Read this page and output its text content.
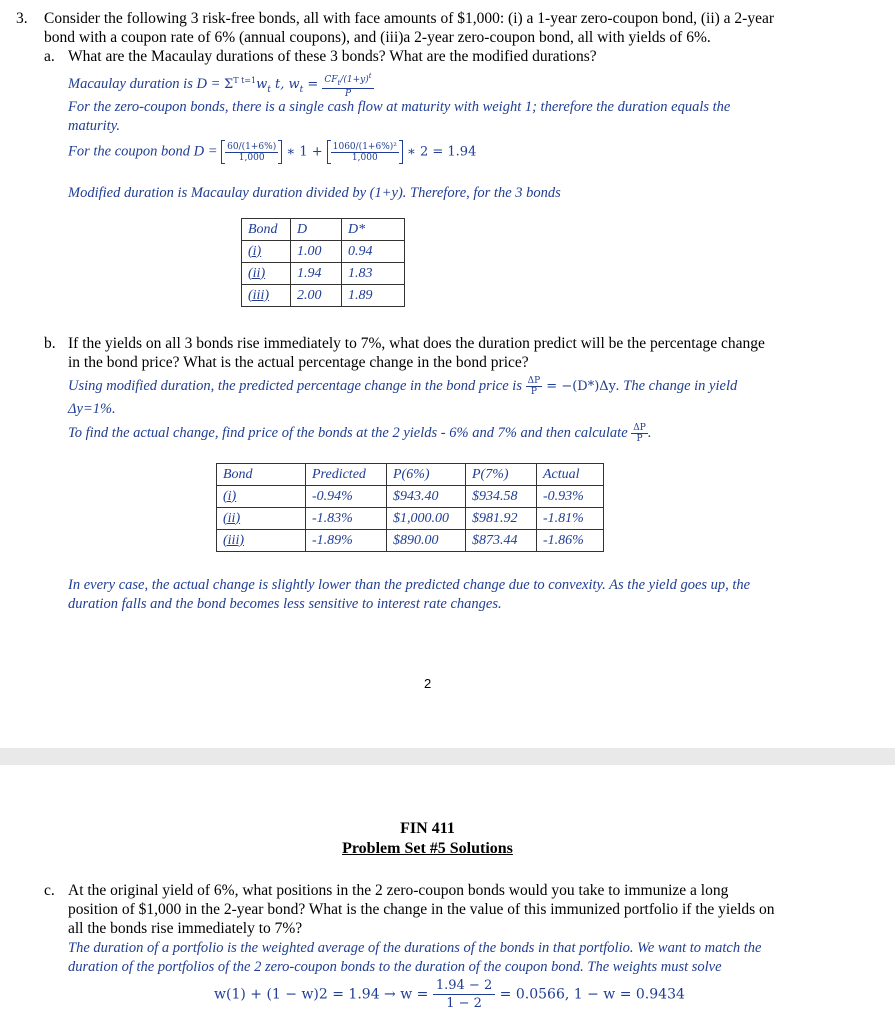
3. Consider the following 3 risk-free bonds, all with face amounts of $1,000: (i) a 1-year zero-coupon bond, (ii) a 2-year
bond with a coupon rate of 6% (annual coupons), and (iii)a 2-year zero-coupon bond, all with yields of 6%.
a. What are the Macaulay durations of these 3 bonds? What are the modified durations?
Macaulay duration is $D = \Sigma^{T t=1}w_t$ t, $w_t = \frac{CF_t/(1+y)^t}{P}$
For the zero-coupon bonds, there is a single cash flow at maturity with weight 1; therefore the duration equals the
maturity.
For the coupon bond $D = \frac{60/(1+6\%)}{1,000}$ ∗ $1 + \frac{\text{1060/(1+6\%)²}}{1,000}$ ∗ 2 = 1.94
Modified duration is Macaulay duration divided by (1+y). Therefore, for the 3 bonds
Bond	D	D*
(i)	1.00	0.94
(ii)	1.94	1.83
(iii)	2.00	1.89
b. If the yields on all 3 bonds rise immediately to 7%, what does the duration predict will be the percentage change
in the bond price? What is the actual percentage change in the bond price?
Using modified duration, the predicted percentage change in the bond price is $\frac{\Delta P}{P} = -(D*)\Delta y$. The change in yield
Δy=1%.
To find the actual change, find price of the bonds at the 2 yields - 6% and 7% and then calculate $\frac{\Delta P}{P}$ .
Bond	Predicted	P(6%)	P(7%)	Actual
(i)	-0.94%	$943.40	$934.58	-0.93%
(ii)	-1.83%	$1,000.00	$981.92	-1.81%
(iii)	-1.89%	$890.00	$873.44	-1.86%
In every case, the actual change is slightly lower than the predicted change due to convexity. As the yield goes up, the
duration falls and the bond becomes less sensitive to interest rate changes.
2
FIN 411
Problem Set #5 Solutions
c. At the original yield of 6%, what positions in the 2 zero-coupon bonds would you take to immunize a long
position of $1,000 in the 2-year bond? What is the change in the value of this immunized portfolio if the yields on
all the bonds rise immediately to 7%?
The duration of a portfolio is the weighted average of the durations of the bonds in that portfolio. We want to match the
duration of the portfolios of the 2 zero-coupon bonds to the duration of the coupon bond. The weights must solve
$w(1) + (1 - w)2 = 1.94 \to w = \frac{1.94 - 2}{1 - 2} = 0.0566$, 1 − w = 0.9434
